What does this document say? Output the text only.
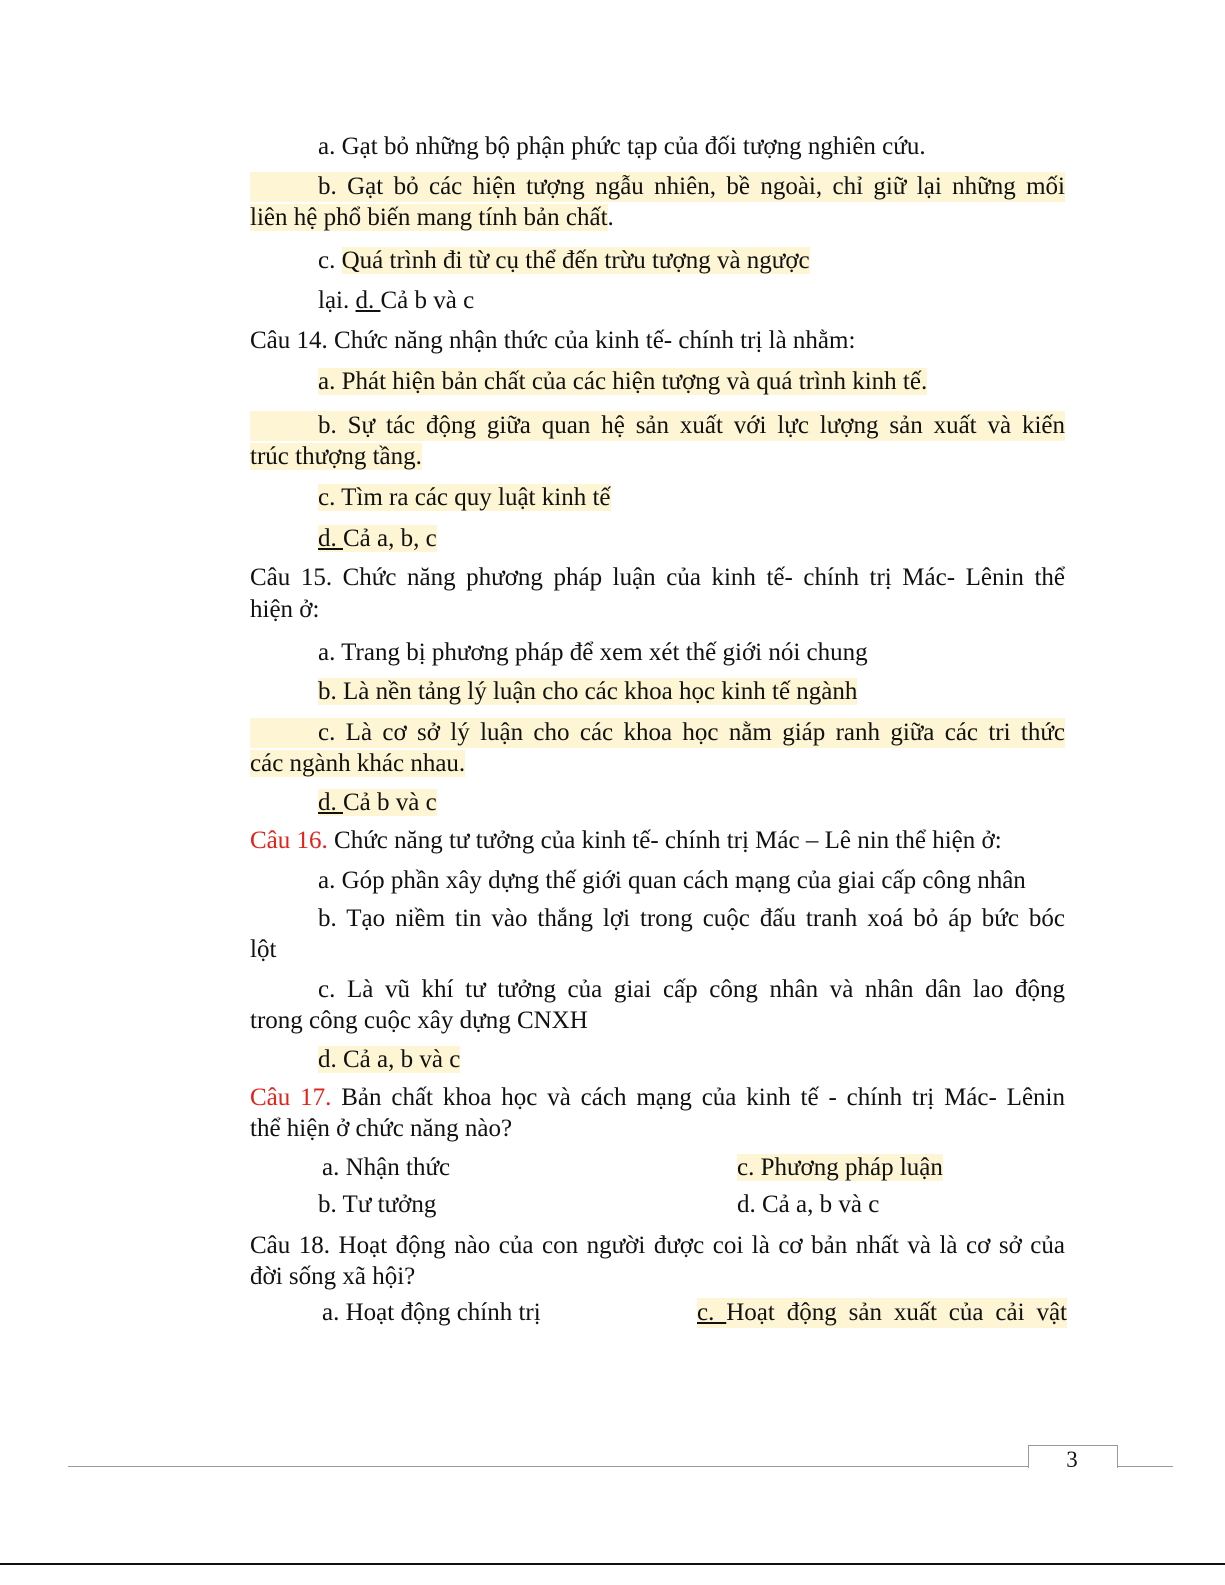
a. Gạt bỏ những bộ phận phức tạp của đối tượng nghiên cứu.
b. Gạt bỏ các hiện tượng ngẫu nhiên, bề ngoài, chỉ giữ lại những mối
liên hệ phổ biến mang tính bản chất.
c. Quá trình đi từ cụ thể đến trừu tượng và ngược
lại. d. Cả b và c
Câu 14. Chức năng nhận thức của kinh tế- chính trị là nhằm:
a. Phát hiện bản chất của các hiện tượng và quá trình kinh tế.
b. Sự tác động giữa quan hệ sản xuất với lực lượng sản xuất và kiến
trúc thượng tầng.
c. Tìm ra các quy luật kinh tế
d. Cả a, b, c
Câu 15. Chức năng phương pháp luận của kinh tế- chính trị Mác- Lênin thể
hiện ở:
a. Trang bị phương pháp để xem xét thế giới nói chung
b. Là nền tảng lý luận cho các khoa học kinh tế ngành
c. Là cơ sở lý luận cho các khoa học nằm giáp ranh giữa các tri thức
các ngành khác nhau.
d. Cả b và c
Câu 16. Chức năng tư tưởng của kinh tế- chính trị Mác – Lê nin thể hiện ở:
a. Góp phần xây dựng thế giới quan cách mạng của giai cấp công nhân
b. Tạo niềm tin vào thắng lợi trong cuộc đấu tranh xoá bỏ áp bức bóc
lột
c. Là vũ khí tư tưởng của giai cấp công nhân và nhân dân lao động
trong công cuộc xây dựng CNXH
d. Cả a, b và c
Câu 17. Bản chất khoa học và cách mạng của kinh tế - chính trị Mác- Lênin
thể hiện ở chức năng nào?
a. Nhận thức	c. Phương pháp luận
b. Tư tưởng	d. Cả a, b và c
Câu 18. Hoạt động nào của con người được coi là cơ bản nhất và là cơ sở của
đời sống xã hội?
a. Hoạt động chính trị	c. Hoạt động sản xuất của cải vật
3
